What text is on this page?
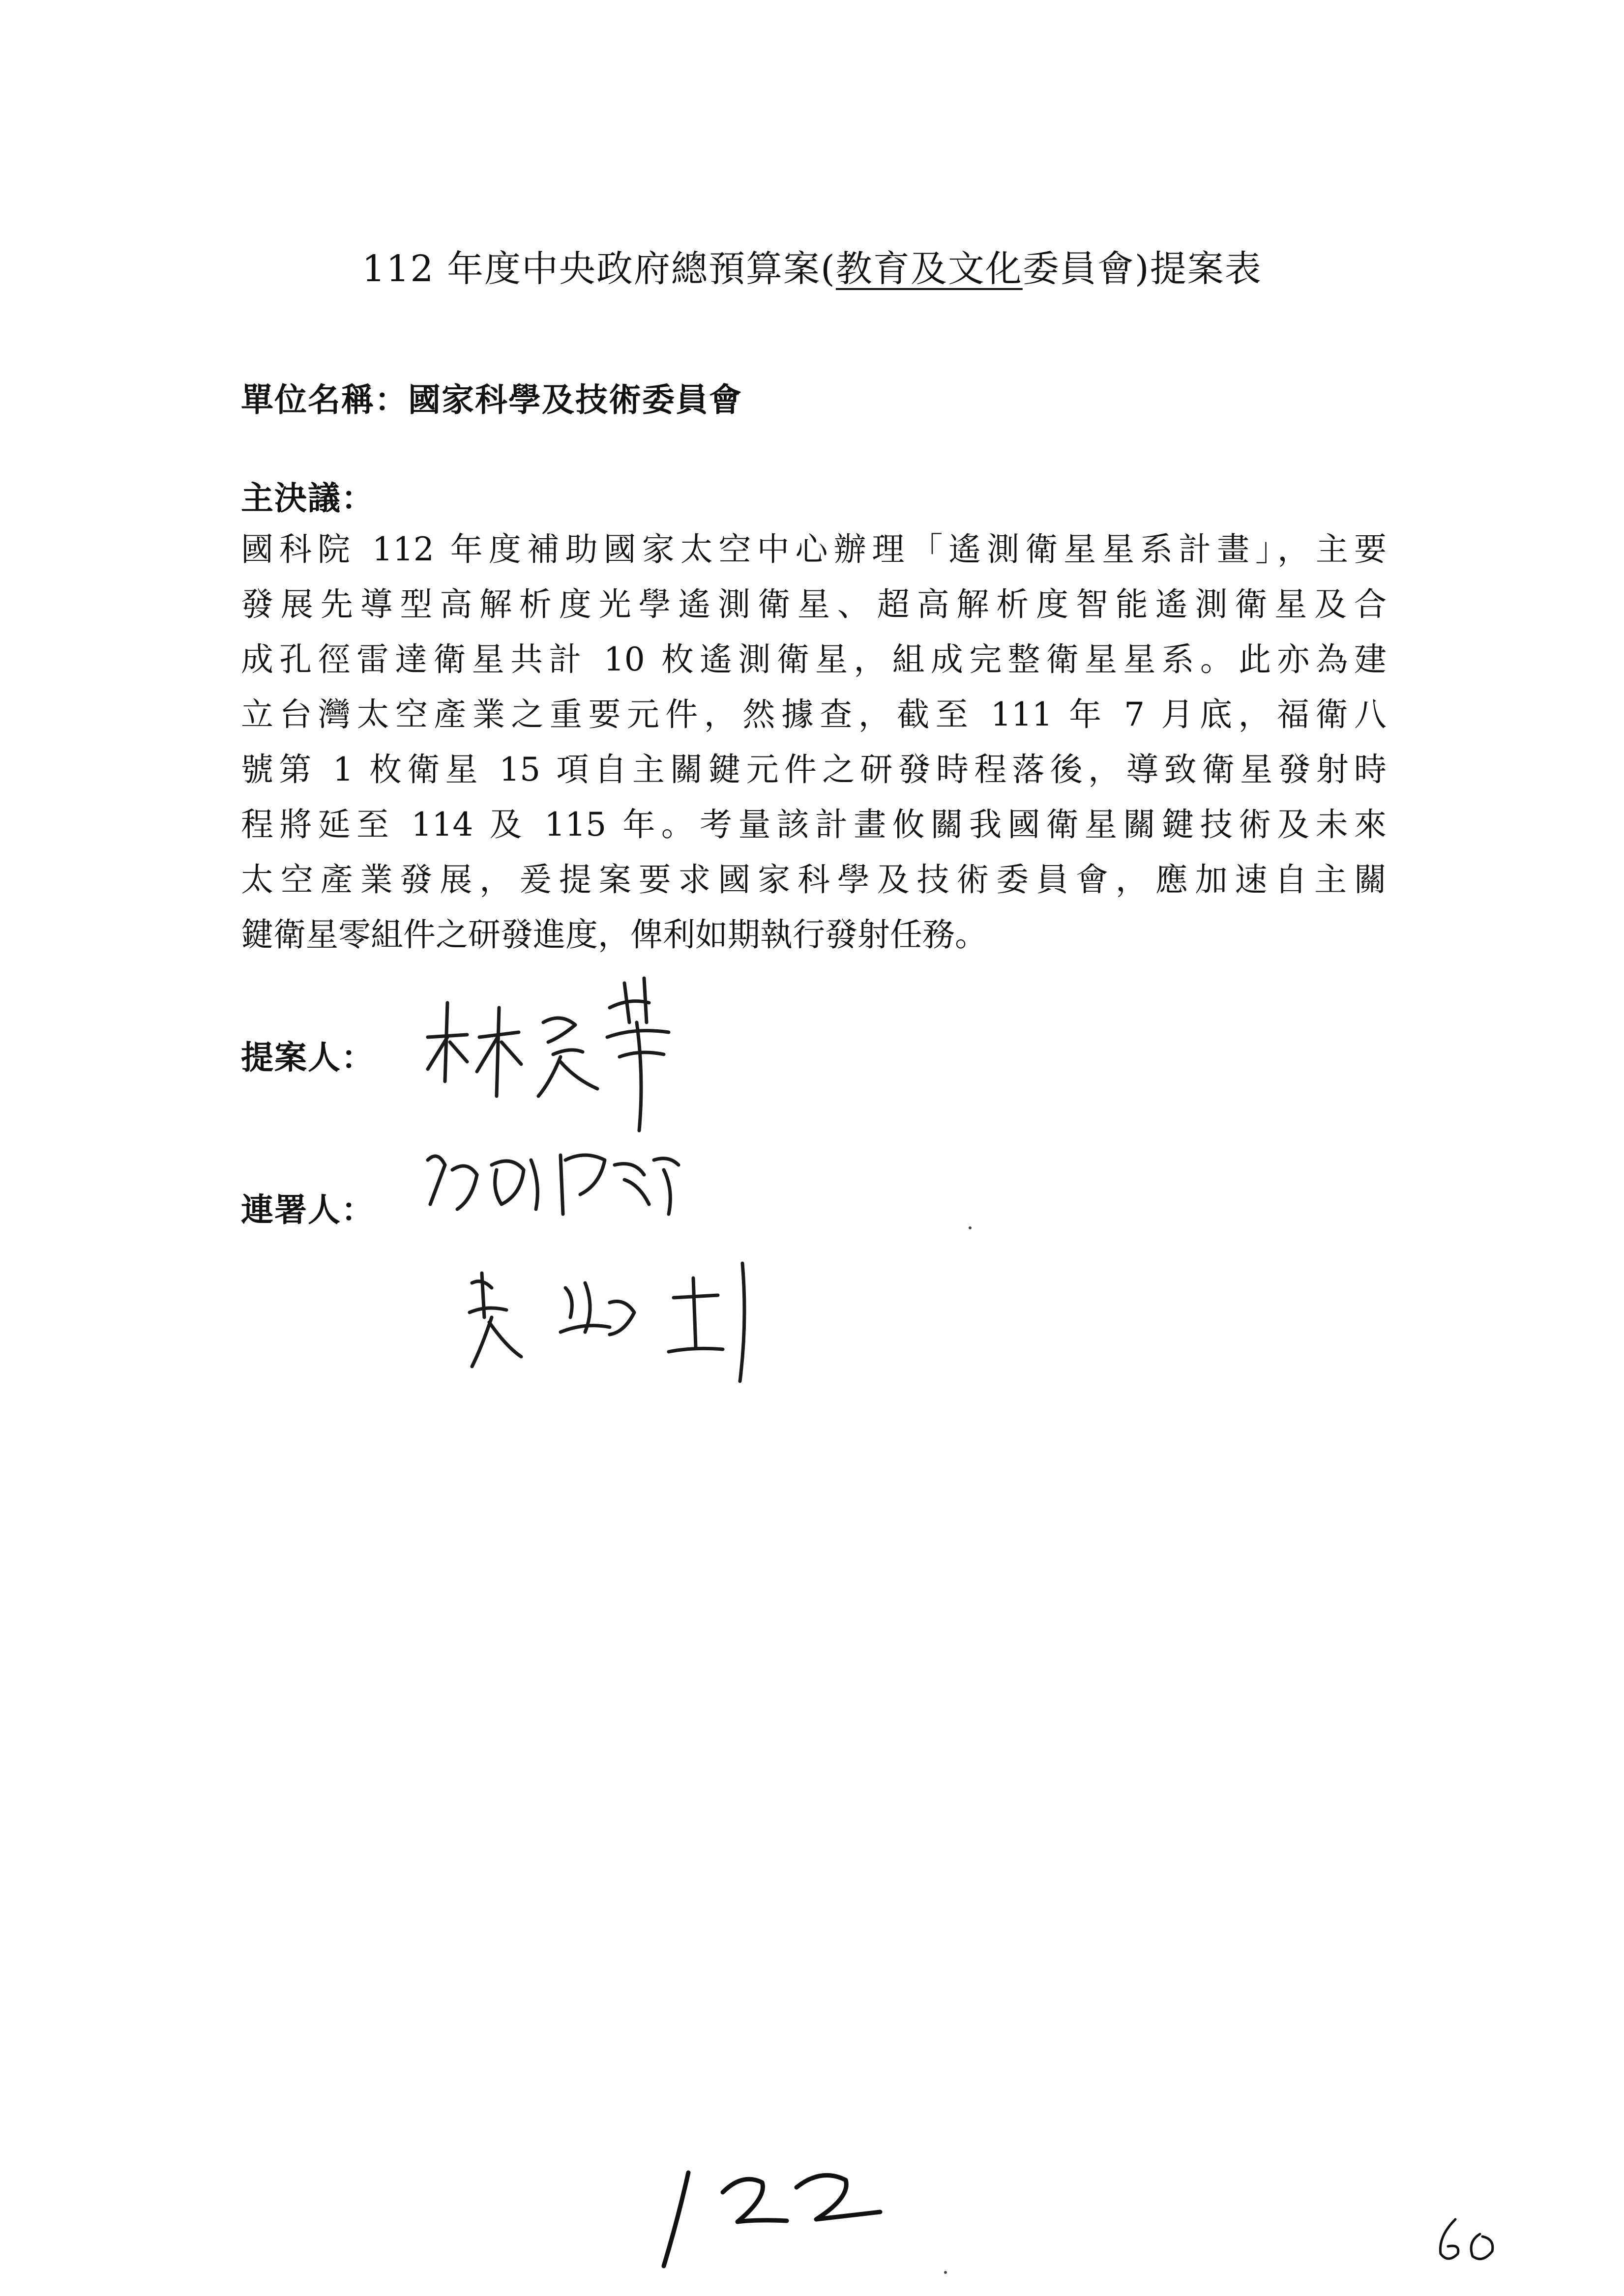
112 年度中央政府總預算案(教育及文化委員會)提案表
單位名稱：國家科學及技術委員會
主決議：

國科院 112 年度補助國家太空中心辦理「遙測衛星星系計畫」，主要
發展先導型高解析度光學遙測衛星、超高解析度智能遙測衛星及合
成孔徑雷達衛星共計 10 枚遙測衛星，組成完整衛星星系。此亦為建
立台灣太空產業之重要元件，然據查，截至 111 年 7 月底，福衛八
號第 1 枚衛星 15 項自主關鍵元件之研發時程落後，導致衛星發射時
程將延至 114 及 115 年。考量該計畫攸關我國衛星關鍵技術及未來
太空產業發展，爰提案要求國家科學及技術委員會，應加速自主關
鍵衛星零組件之研發進度，俾利如期執行發射任務。

提案人：
連署人：
